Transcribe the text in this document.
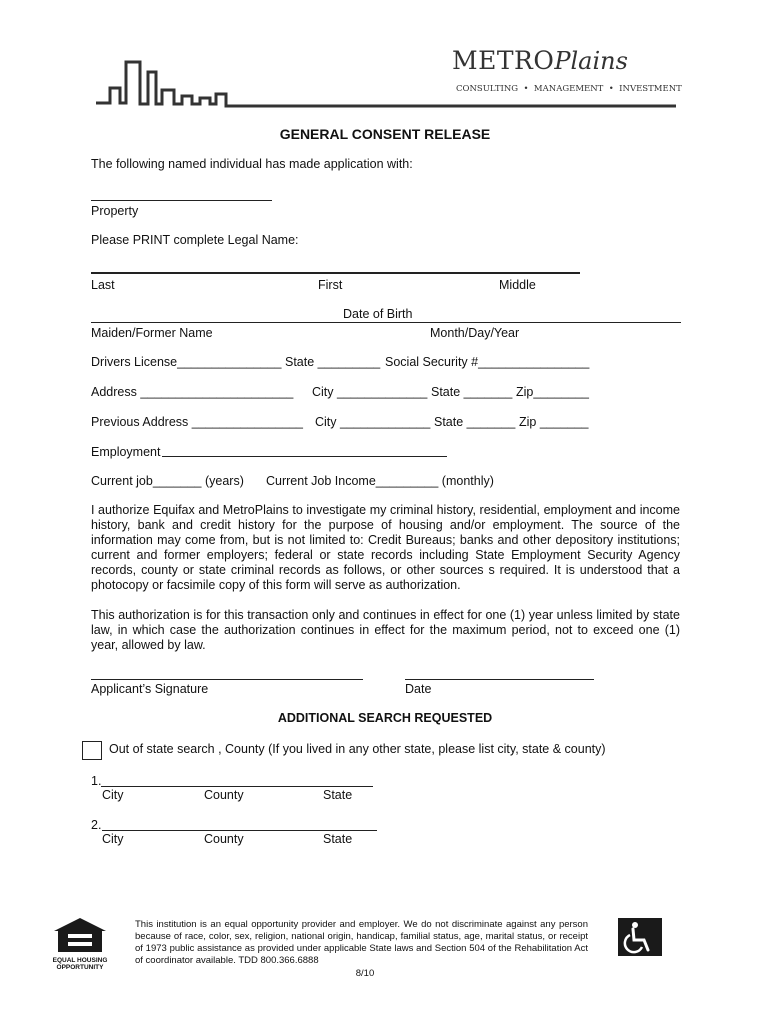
METROPlains
CONSULTING  •  MANAGEMENT  •  INVESTMENT
GENERAL CONSENT RELEASE
The following named individual has made application with:
Property
Please PRINT complete Legal Name:
Last	First	Middle
Date of Birth
Maiden/Former Name	Month/Day/Year
Drivers License_______________ State _________ Social Security #________________
Address ______________________ City _____________ State _______ Zip________
Previous Address ________________ City _____________ State _______ Zip _______
Employment
Current job_______ (years) Current Job Income_________ (monthly)
I authorize Equifax and MetroPlains to investigate my criminal history, residential, employment and income history, bank and credit history for the purpose of housing and/or employment. The source of the information may come from, but is not limited to: Credit Bureaus; banks and other depository institutions; current and former employers; federal or state records including State Employment Security Agency records, county or state criminal records as follows, or other sources s required. It is understood that a photocopy or facsimile copy of this form will serve as authorization.
This authorization is for this transaction only and continues in effect for one (1) year unless limited by state law, in which case the authorization continues in effect for the maximum period, not to exceed one (1) year, allowed by law.
Applicant’s Signature	Date
ADDITIONAL SEARCH REQUESTED
Out of state search , County (If you lived in any other state, please list city, state & county)
1.
City	County	State
2.
City	County	State
EQUAL HOUSING OPPORTUNITY
This institution is an equal opportunity provider and employer. We do not discriminate against any person because of race, color, sex, religion, national origin, handicap, familial status, age, marital status, or receipt of 1973 public assistance as provided under applicable State laws and Section 504 of the Rehabilitation Act of coordinator available. TDD 800.366.6888
8/10
